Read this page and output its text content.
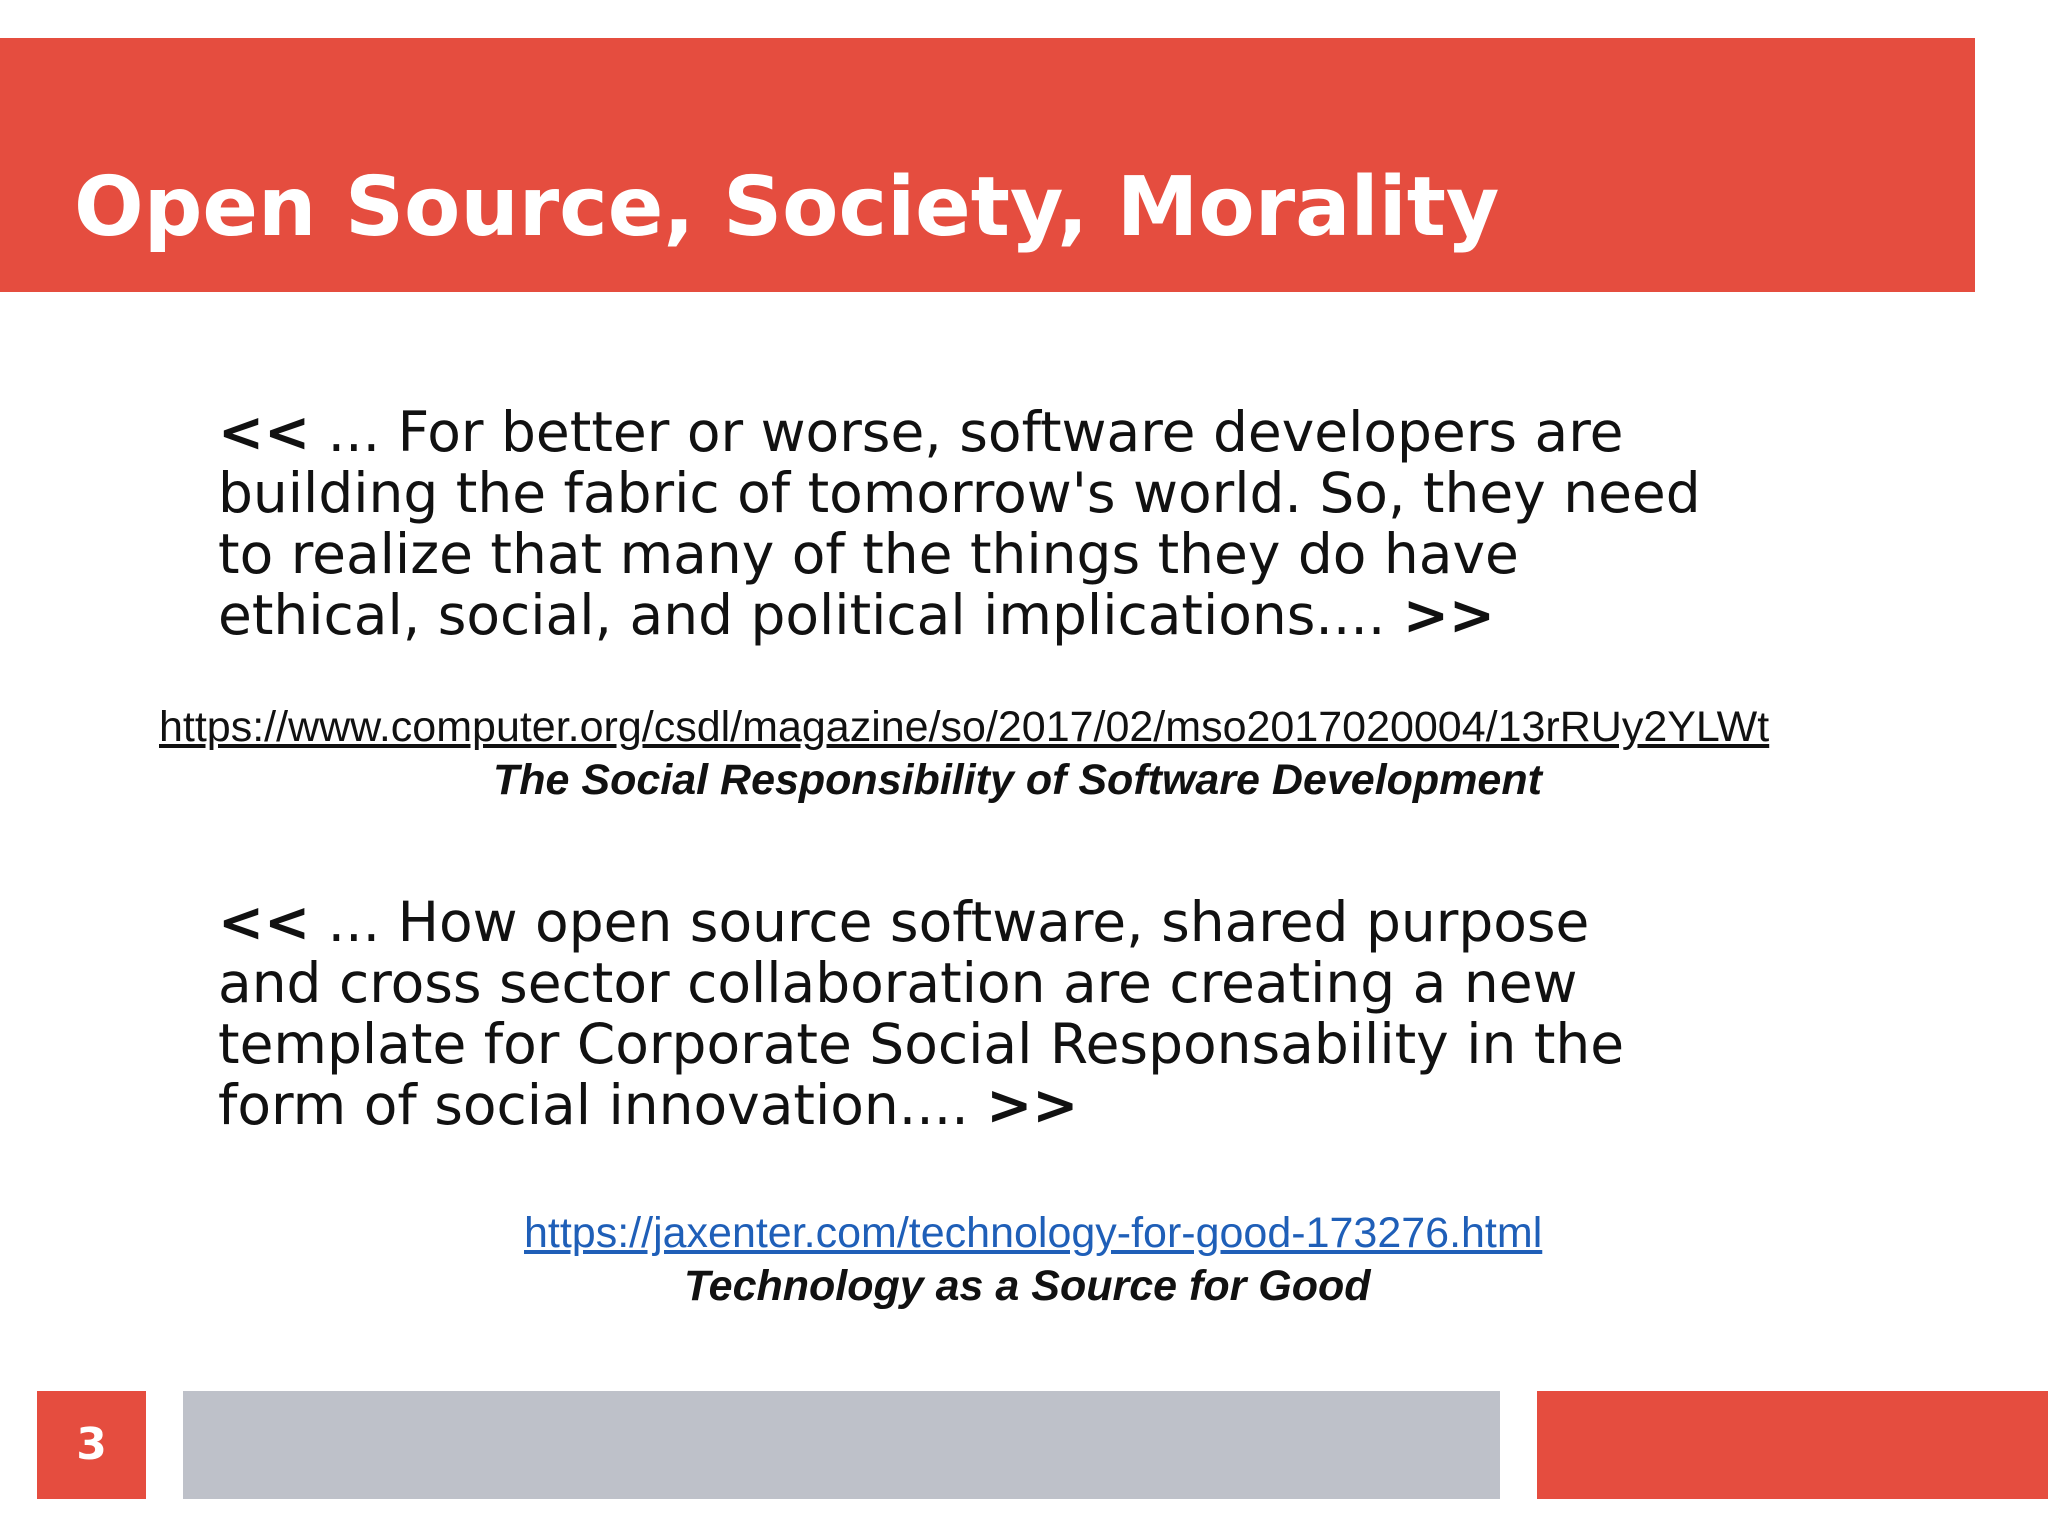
Open Source, Society, Morality
<< ... For better or worse, software developers are
building the fabric of tomorrow's world. So, they need
to realize that many of the things they do have
ethical, social, and political implications.... >>
https://www.computer.org/csdl/magazine/so/2017/02/mso2017020004/13rRUy2YLWt
The Social Responsibility of Software Development
<< ... How open source software, shared purpose
and cross sector collaboration are creating a new
template for Corporate Social Responsability in the
form of social innovation.... >>
https://jaxenter.com/technology-for-good-173276.html
Technology as a Source for Good
3
